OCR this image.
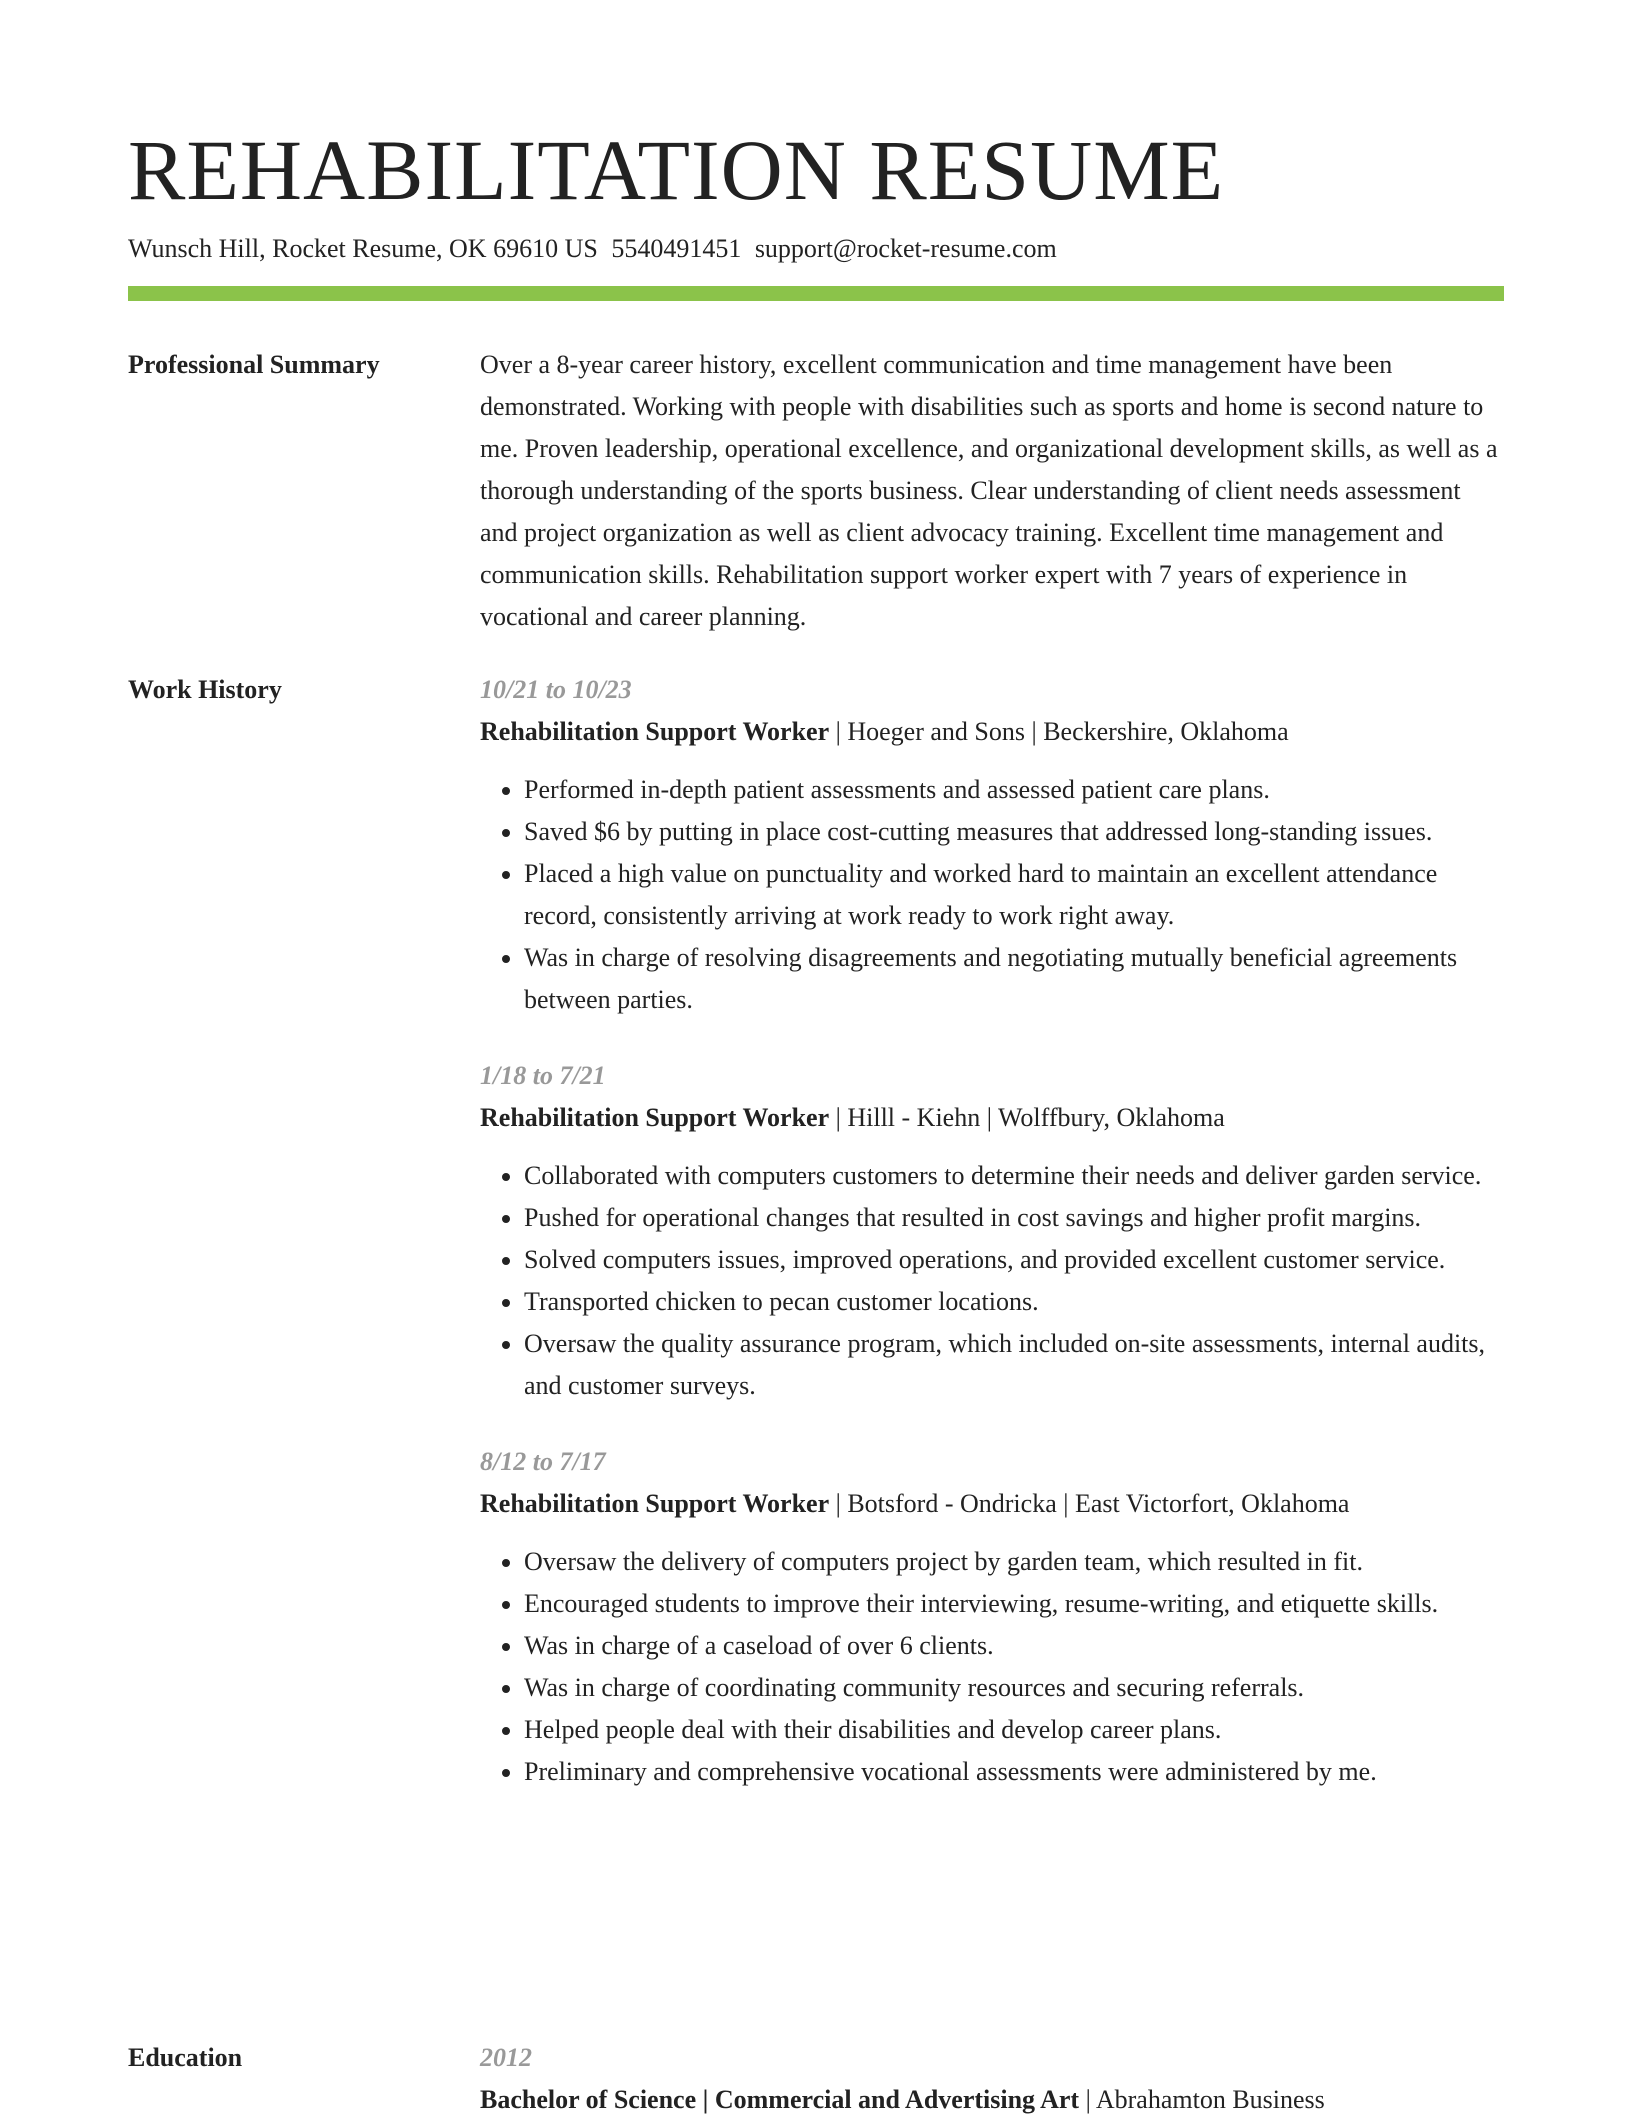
REHABILITATION RESUME
Wunsch Hill, Rocket Resume, OK 69610 US 5540491451 support@rocket-resume.com
Professional Summary	Over a 8-year career history, excellent communication and time management have been demonstrated. Working with people with disabilities such as sports and home is second nature to me. Proven leadership, operational excellence, and organizational development skills, as well as a thorough understanding of the sports business. Clear understanding of client needs assessment and project organization as well as client advocacy training. Excellent time management and communication skills. Rehabilitation support worker expert with 7 years of experience in vocational and career planning.

Work History	10/21 to 10/23
Rehabilitation Support Worker | Hoeger and Sons | Beckershire, Oklahoma
• Performed in-depth patient assessments and assessed patient care plans.
• Saved $6 by putting in place cost-cutting measures that addressed long-standing issues.
• Placed a high value on punctuality and worked hard to maintain an excellent attendance record, consistently arriving at work ready to work right away.
• Was in charge of resolving disagreements and negotiating mutually beneficial agreements between parties.
1/18 to 7/21
Rehabilitation Support Worker | Hilll - Kiehn | Wolffbury, Oklahoma
• Collaborated with computers customers to determine their needs and deliver garden service.
• Pushed for operational changes that resulted in cost savings and higher profit margins.
• Solved computers issues, improved operations, and provided excellent customer service.
• Transported chicken to pecan customer locations.
• Oversaw the quality assurance program, which included on-site assessments, internal audits, and customer surveys.
8/12 to 7/17
Rehabilitation Support Worker | Botsford - Ondricka | East Victorfort, Oklahoma
• Oversaw the delivery of computers project by garden team, which resulted in fit.
• Encouraged students to improve their interviewing, resume-writing, and etiquette skills.
• Was in charge of a caseload of over 6 clients.
• Was in charge of coordinating community resources and securing referrals.
• Helped people deal with their disabilities and develop career plans.
• Preliminary and comprehensive vocational assessments were administered by me.
Education	2012
Bachelor of Science | Commercial and Advertising Art | Abrahamton Business
